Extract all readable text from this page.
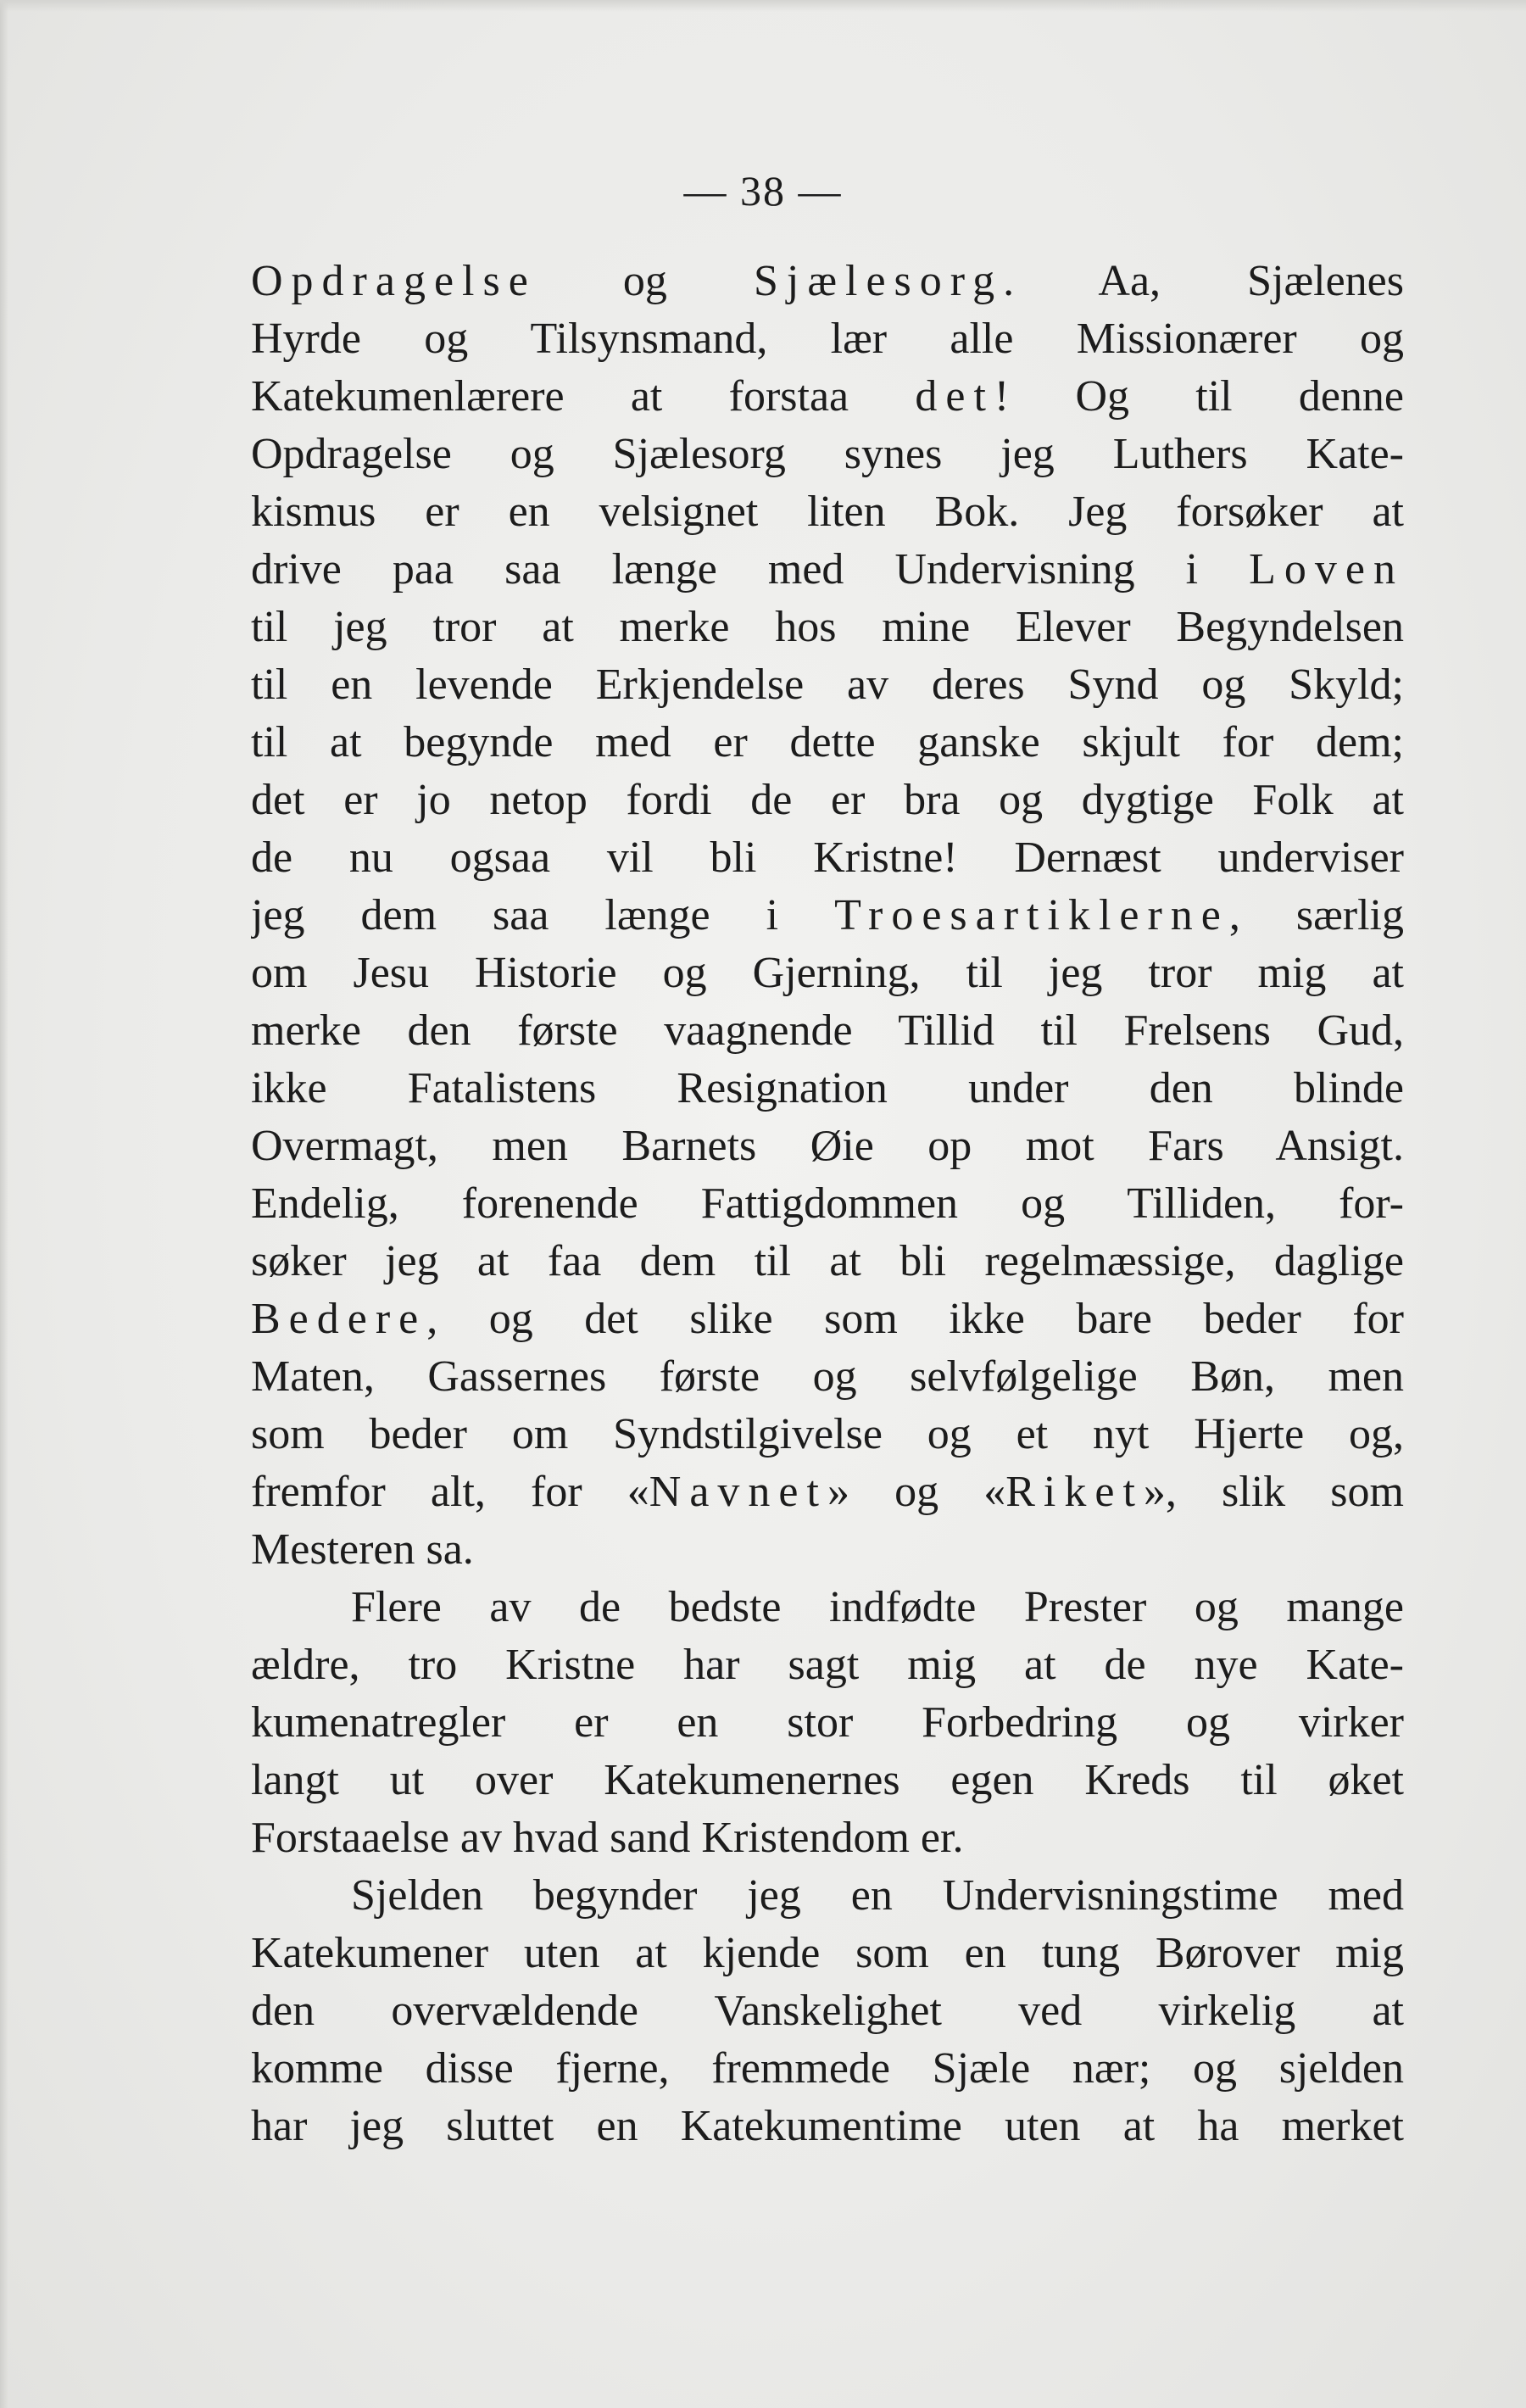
— 38 —
Opdragelse og Sjælesorg. Aa, Sjælenes
Hyrde og Tilsynsmand, lær alle Missionærer og
Katekumenlærere at forstaa det! Og til denne
Opdragelse og Sjælesorg synes jeg Luthers Kate-
kismus er en velsignet liten Bok. Jeg forsøker at
drive paa saa længe med Undervisning i Loven
til jeg tror at merke hos mine Elever Begyndelsen
til en levende Erkjendelse av deres Synd og Skyld;
til at begynde med er dette ganske skjult for dem;
det er jo netop fordi de er bra og dygtige Folk at
de nu ogsaa vil bli Kristne! Dernæst underviser
jeg dem saa længe i Troesartiklerne, særlig
om Jesu Historie og Gjerning, til jeg tror mig at
merke den første vaagnende Tillid til Frelsens Gud,
ikke Fatalistens Resignation under den blinde
Overmagt, men Barnets Øie op mot Fars Ansigt.
Endelig, forenende Fattigdommen og Tilliden, for-
søker jeg at faa dem til at bli regelmæssige, daglige
Bedere, og det slike som ikke bare beder for
Maten, Gassernes første og selvfølgelige Bøn, men
som beder om Syndstilgivelse og et nyt Hjerte og,
fremfor alt, for «Navnet» og «Riket», slik som
Mesteren sa.
Flere av de bedste indfødte Prester og mange
ældre, tro Kristne har sagt mig at de nye Kate-
kumenatregler er en stor Forbedring og virker
langt ut over Katekumenernes egen Kreds til øket
Forstaaelse av hvad sand Kristendom er.
Sjelden begynder jeg en Undervisningstime med
Katekumener uten at kjende som en tung Børover mig
den overvældende Vanskelighet ved virkelig at
komme disse fjerne, fremmede Sjæle nær; og sjelden
har jeg sluttet en Katekumentime uten at ha merket
